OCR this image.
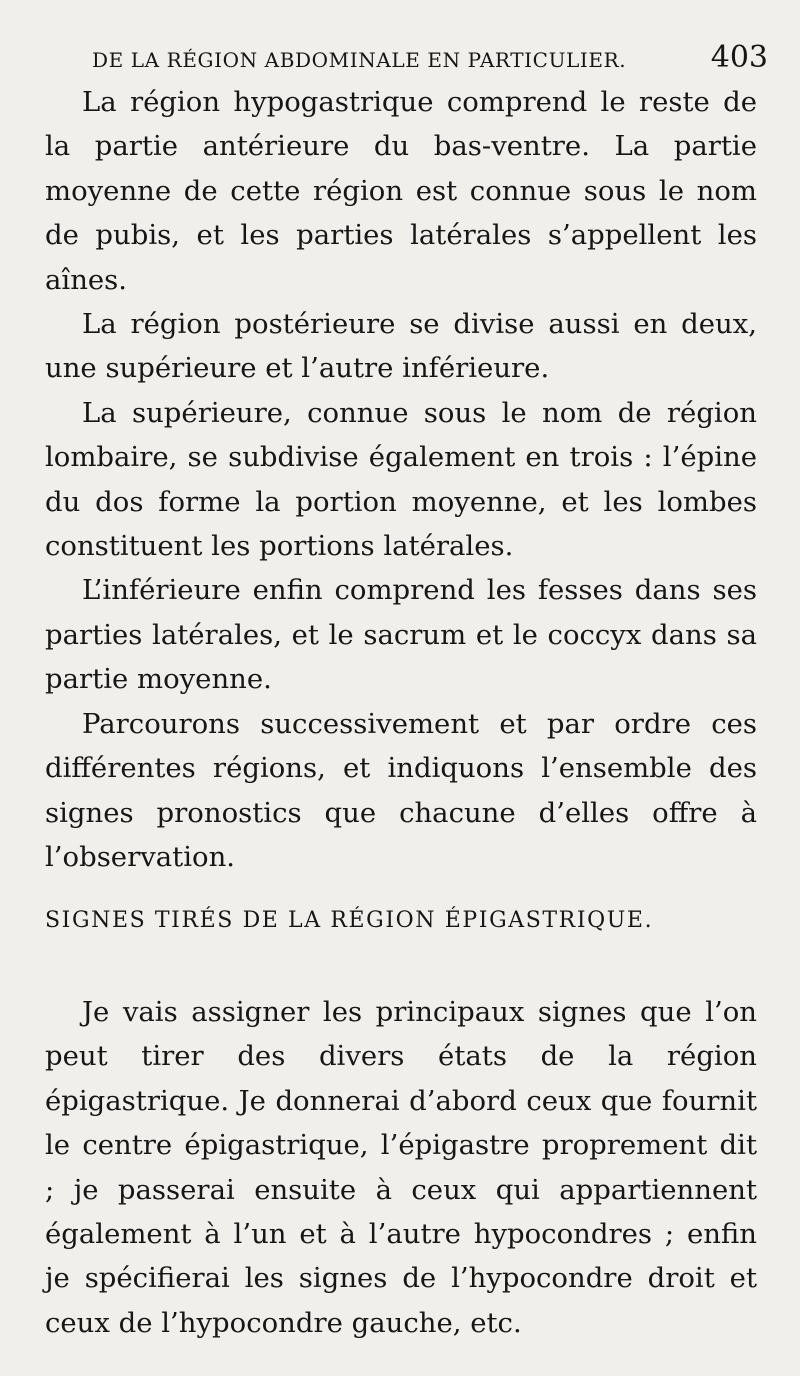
DE LA RÉGION ABDOMINALE EN PARTICULIER.	403

La région hypogastrique comprend le reste de la partie antérieure du bas-ventre. La partie moyenne de cette région est connue sous le nom de pubis, et les parties latérales s’appellent les aînes.

La région postérieure se divise aussi en deux, une supérieure et l’autre inférieure.

La supérieure, connue sous le nom de région lombaire, se subdivise également en trois : l’épine du dos forme la portion moyenne, et les lombes constituent les portions latérales.

L’inférieure enfin comprend les fesses dans ses parties latérales, et le sacrum et le coccyx dans sa partie moyenne.

Parcourons successivement et par ordre ces différentes régions, et indiquons l’ensemble des signes pronostics que chacune d’elles offre à l’observation.

SIGNES TIRÉS DE LA RÉGION ÉPIGASTRIQUE.

Je vais assigner les principaux signes que l’on peut tirer des divers états de la région épigastrique. Je donnerai d’abord ceux que fournit le centre épigastrique, l’épigastre proprement dit ; je passerai ensuite à ceux qui appartiennent également à l’un et à l’autre hypocondres ; enfin je spécifierai les signes de l’hypocondre droit et ceux de l’hypocondre gauche, etc.
